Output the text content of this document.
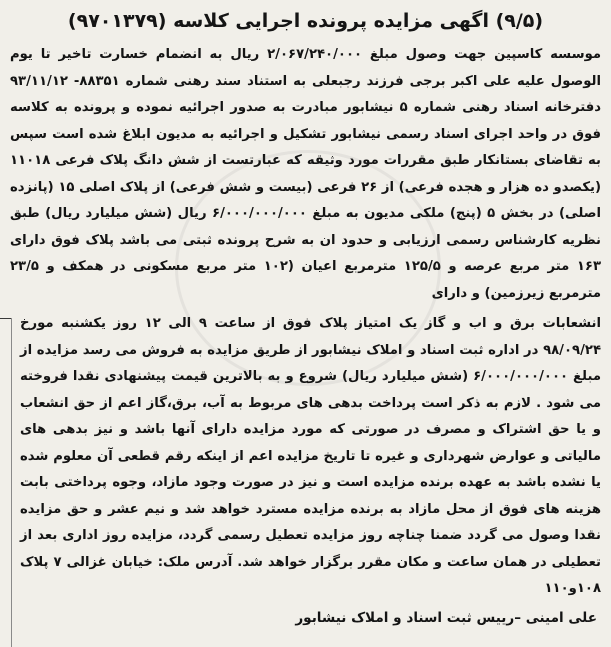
(۹/۵) اگهی مزایده پرونده اجرایی کلاسه (۹۷۰۱۳۷۹)

موسسه کاسپین جهت وصول مبلغ ۲/۰۶۷/۲۴۰/۰۰۰ ریال به انضمام خسارت تاخیر تا یوم الوصول علیه علی اکبر برجی فرزند رجبعلی به استناد سند رهنی شماره ۸۸۳۵۱- ۹۳/۱۱/۱۲ دفترخانه اسناد رهنی شماره ۵ نیشابور مبادرت به صدور اجرائیه نموده و پرونده به کلاسه فوق در واحد اجرای اسناد رسمی نیشابور تشکیل و اجرائیه به مدیون ابلاغ شده است سپس به تقاضای بستانکار طبق مقررات مورد وثیقه که عبارتست از شش دانگ پلاک فرعی ۱۱۰۱۸ (یکصدو ده هزار و هجده فرعی) از ۲۶ فرعی (بیست و شش فرعی) از پلاک اصلی ۱۵ (پانزده اصلی) در بخش ۵ (پنج) ملکی مدیون به مبلغ ۶/۰۰۰/۰۰۰/۰۰۰ ریال (شش میلیارد ریال) طبق نظریه کارشناس رسمی ارزیابی و حدود ان به شرح پرونده ثبتی می باشد پلاک فوق دارای ۱۶۳ متر مربع عرصه و ۱۲۵/۵ مترمربع اعیان (۱۰۲ متر مربع مسکونی در همکف و ۲۳/۵ مترمربع زیرزمین) و دارای

انشعابات برق و اب و گاز یک امتیاز پلاک فوق از ساعت ۹ الی ۱۲ روز یکشنبه مورخ ۹۸/۰۹/۲۴ در اداره ثبت اسناد و املاک نیشابور از طریق مزایده به فروش می رسد مزایده از مبلغ ۶/۰۰۰/۰۰۰/۰۰۰ (شش میلیارد ریال) شروع و به بالاترین قیمت پیشنهادی نقدا فروخته می شود . لازم به ذکر است پرداخت بدهی های مربوط به آب، برق،گاز اعم از حق انشعاب و یا حق اشتراک و مصرف در صورتی که مورد مزایده دارای آنها باشد و نیز بدهی های مالیاتی و عوارض شهرداری و غیره تا تاریخ مزایده اعم از اینکه رقم قطعی آن معلوم شده یا نشده باشد به عهده برنده مزایده است و نیز در صورت وجود مازاد، وجوه پرداختی بابت هزینه های فوق از محل مازاد به برنده مزایده مسترد خواهد شد و نیم عشر و حق مزایده نقدا وصول می گردد ضمنا چناچه روز مزایده تعطیل رسمی گردد، مزایده روز اداری بعد از تعطیلی در همان ساعت و مکان مقرر برگزار خواهد شد. آدرس ملک: خیابان غزالی ۷ پلاک ۱۰۸و۱۱۰

علی امینی –رییس ثبت اسناد و املاک نیشابور
